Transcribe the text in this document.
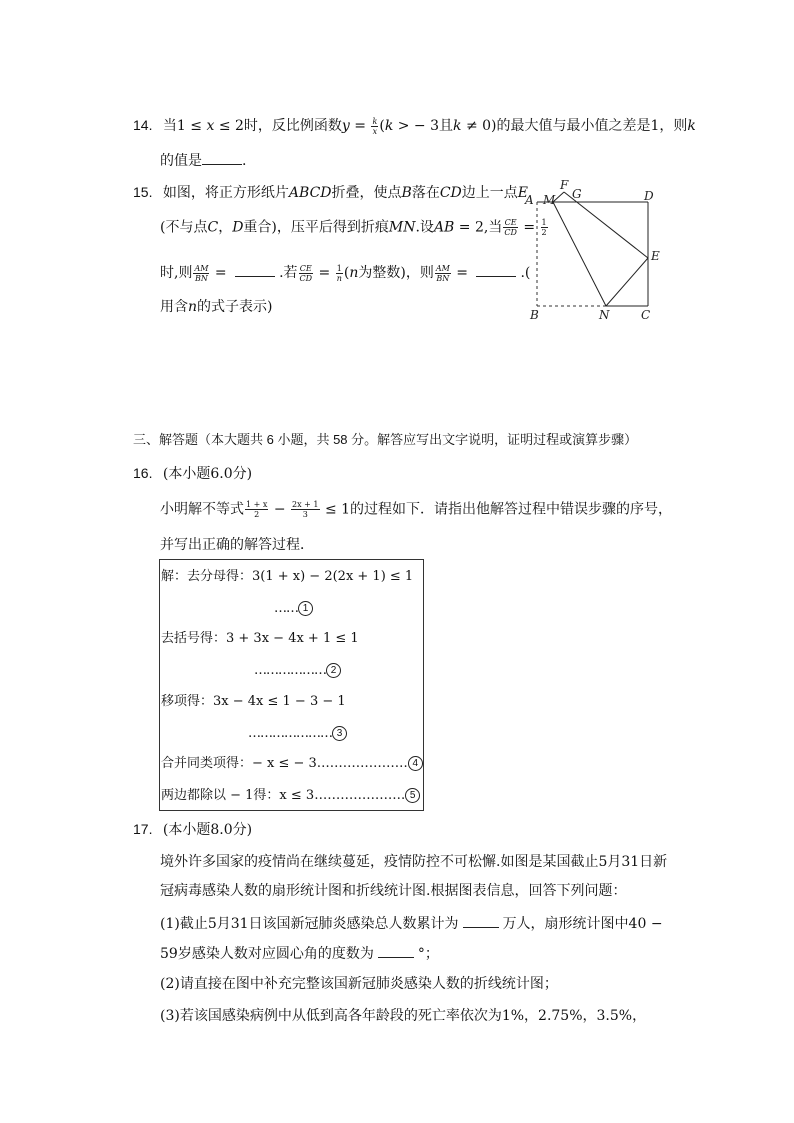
14. 当1 ≤ x ≤ 2时，反比例函数$y = \frac{k}{x} (k$ > − 3且k ≠ 0)的最大值与最小值之差是1，则k
的值是	.
15. 如图，将正方形纸片ABCD折叠，使点B落在CD边上一点E
(不与点C，D重合)，压平后得到折痕MN.设AB = 2,当 $\frac{CE}{CD} = \frac{1}{2}$
时,则 $\frac{AM}{BN}$ =	.若 $\frac{CE}{CD} = \frac{1}{n} (n$为整数)，则 $\frac{AM}{BN}$ =	.(
用含n的式子表示)
A M
F
G	D
E
B	N	C
三、解答题（本大题共 6 小题，共 58 分。解答应写出文字说明，证明过程或演算步骤）
16. (本小题6.0分)
小明解不等式 $\frac{1 + x}{2} - \frac{2x + 1}{3} \le 1$的过程如下．请指出他解答过程中错误步骤的序号，
并写出正确的解答过程．
解：去分母得：3(1 + x) − 2(2x + 1) ≤ 1
…… 1
去括号得：3 + 3x − 4x + 1 ≤ 1
……………… 2
移项得：3x − 4x ≤ 1 − 3 − 1
………………… 3
合并同类项得：− x ≤ − 3………………… 4
两边都除以 − 1得：x ≤ 3………………… 5
17. (本小题8.0分)
境外许多国家的疫情尚在继续蔓延，疫情防控不可松懈.如图是某国截止5月31日新
冠病毒感染人数的扇形统计图和折线统计图.根据图表信息，回答下列问题：
(1)截止5月31日该国新冠肺炎感染总人数累计为	万人，扇形统计图中40 −
59岁感染人数对应圆心角的度数为	°；
(2)请直接在图中补充完整该国新冠肺炎感染人数的折线统计图；
(3)若该国感染病例中从低到高各年龄段的死亡率依次为1%，2.75%，3.5%，
